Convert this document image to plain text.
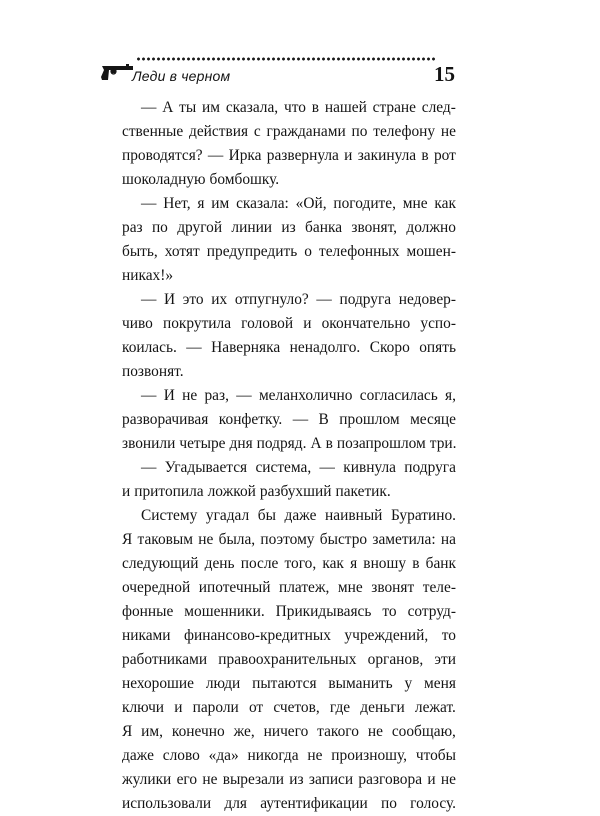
Леди в черном	15
— А ты им сказала, что в нашей стране след-
ственные действия с гражданами по телефону не
проводятся? — Ирка развернула и закинула в рот
шоколадную бомбошку.
— Нет, я им сказала: «Ой, погодите, мне как
раз по другой линии из банка звонят, должно
быть, хотят предупредить о телефонных мошен-
никах!»
— И это их отпугнуло? — подруга недовер-
чиво покрутила головой и окончательно успо-
коилась. — Наверняка ненадолго. Скоро опять
позвонят.
— И не раз, — меланхолично согласилась я,
разворачивая конфетку. — В прошлом месяце
звонили четыре дня подряд. А в позапрошлом три.
— Угадывается система, — кивнула подруга
и притопила ложкой разбухший пакетик.
Систему угадал бы даже наивный Буратино.
Я таковым не была, поэтому быстро заметила: на
следующий день после того, как я вношу в банк
очередной ипотечный платеж, мне звонят теле-
фонные мошенники. Прикидываясь то сотруд-
никами финансово-кредитных учреждений, то
работниками правоохранительных органов, эти
нехорошие люди пытаются выманить у меня
ключи и пароли от счетов, где деньги лежат.
Я им, конечно же, ничего такого не сообщаю,
даже слово «да» никогда не произношу, чтобы
жулики его не вырезали из записи разговора и не
использовали для аутентификации по голосу.
